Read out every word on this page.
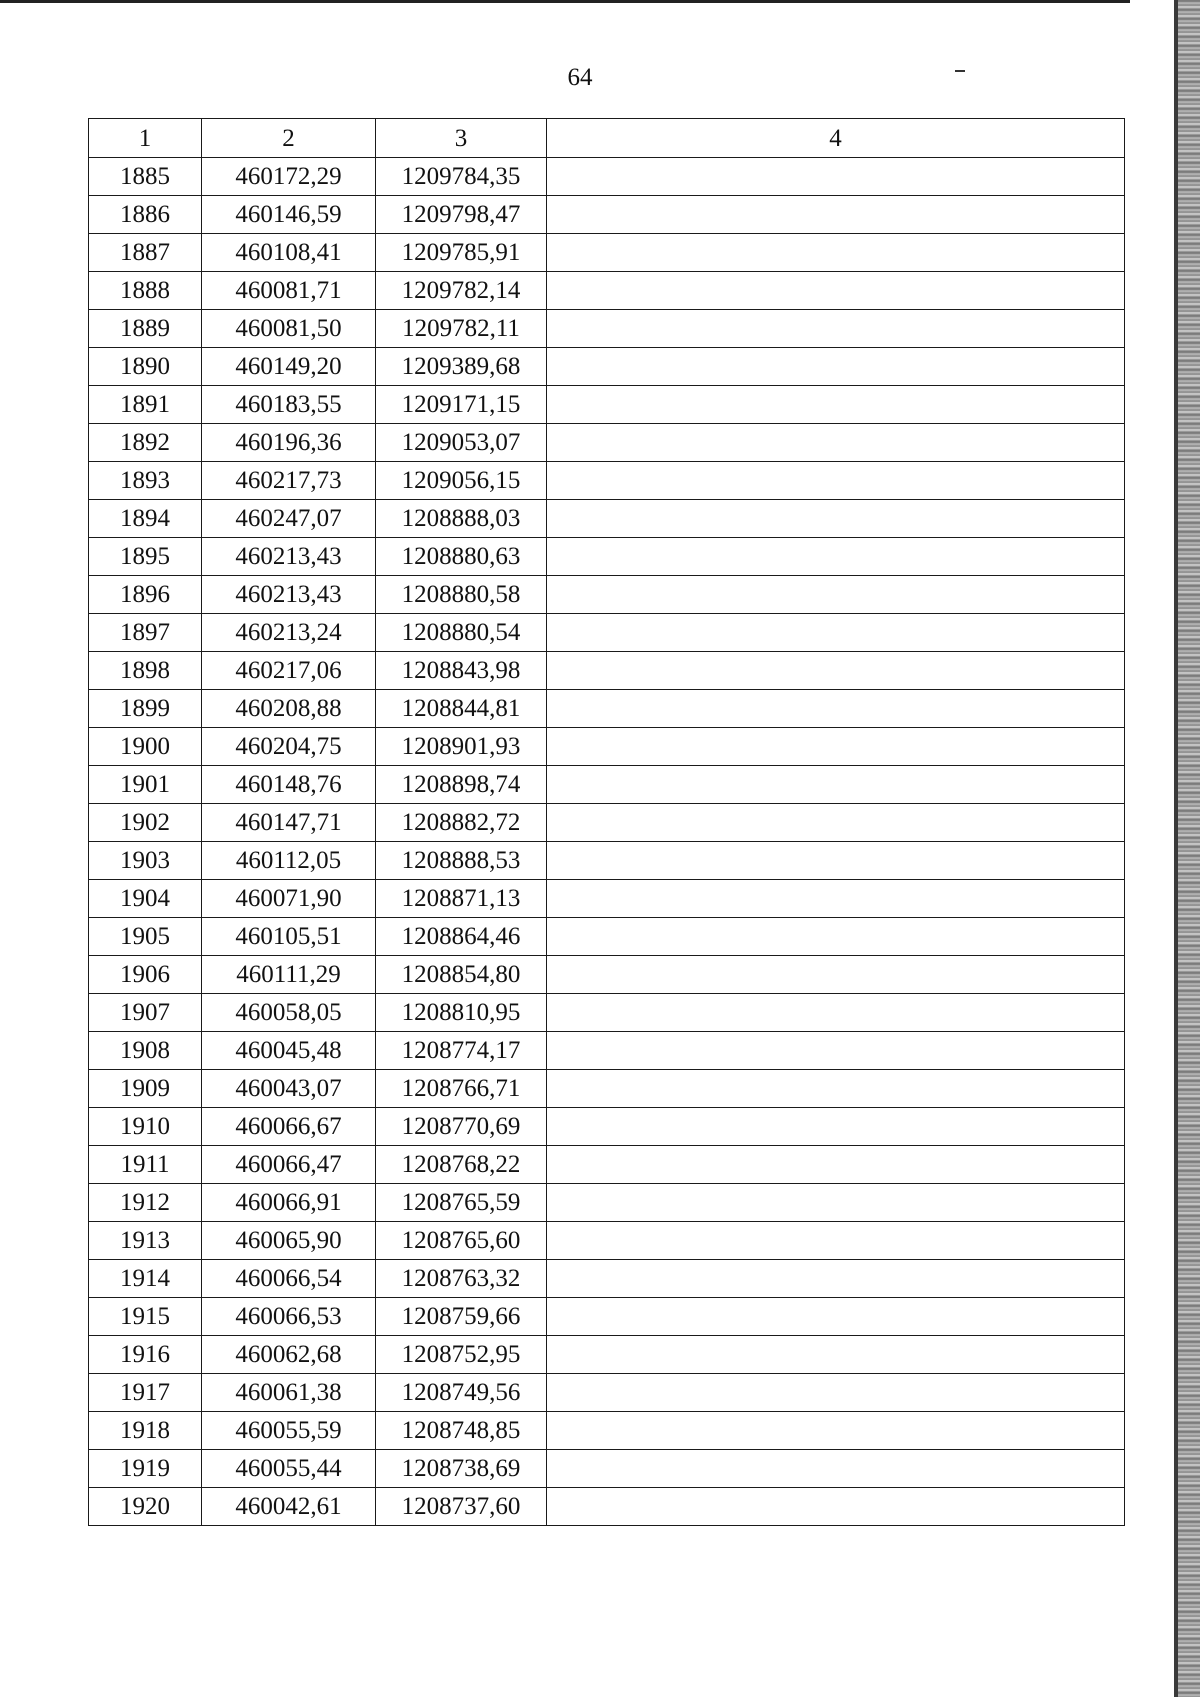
64
1	2	3	4
1885	460172,29	1209784,35	
1886	460146,59	1209798,47	
1887	460108,41	1209785,91	
1888	460081,71	1209782,14	
1889	460081,50	1209782,11	
1890	460149,20	1209389,68	
1891	460183,55	1209171,15	
1892	460196,36	1209053,07	
1893	460217,73	1209056,15	
1894	460247,07	1208888,03	
1895	460213,43	1208880,63	
1896	460213,43	1208880,58	
1897	460213,24	1208880,54	
1898	460217,06	1208843,98	
1899	460208,88	1208844,81	
1900	460204,75	1208901,93	
1901	460148,76	1208898,74	
1902	460147,71	1208882,72	
1903	460112,05	1208888,53	
1904	460071,90	1208871,13	
1905	460105,51	1208864,46	
1906	460111,29	1208854,80	
1907	460058,05	1208810,95	
1908	460045,48	1208774,17	
1909	460043,07	1208766,71	
1910	460066,67	1208770,69	
1911	460066,47	1208768,22	
1912	460066,91	1208765,59	
1913	460065,90	1208765,60	
1914	460066,54	1208763,32	
1915	460066,53	1208759,66	
1916	460062,68	1208752,95	
1917	460061,38	1208749,56	
1918	460055,59	1208748,85	
1919	460055,44	1208738,69	
1920	460042,61	1208737,60	
